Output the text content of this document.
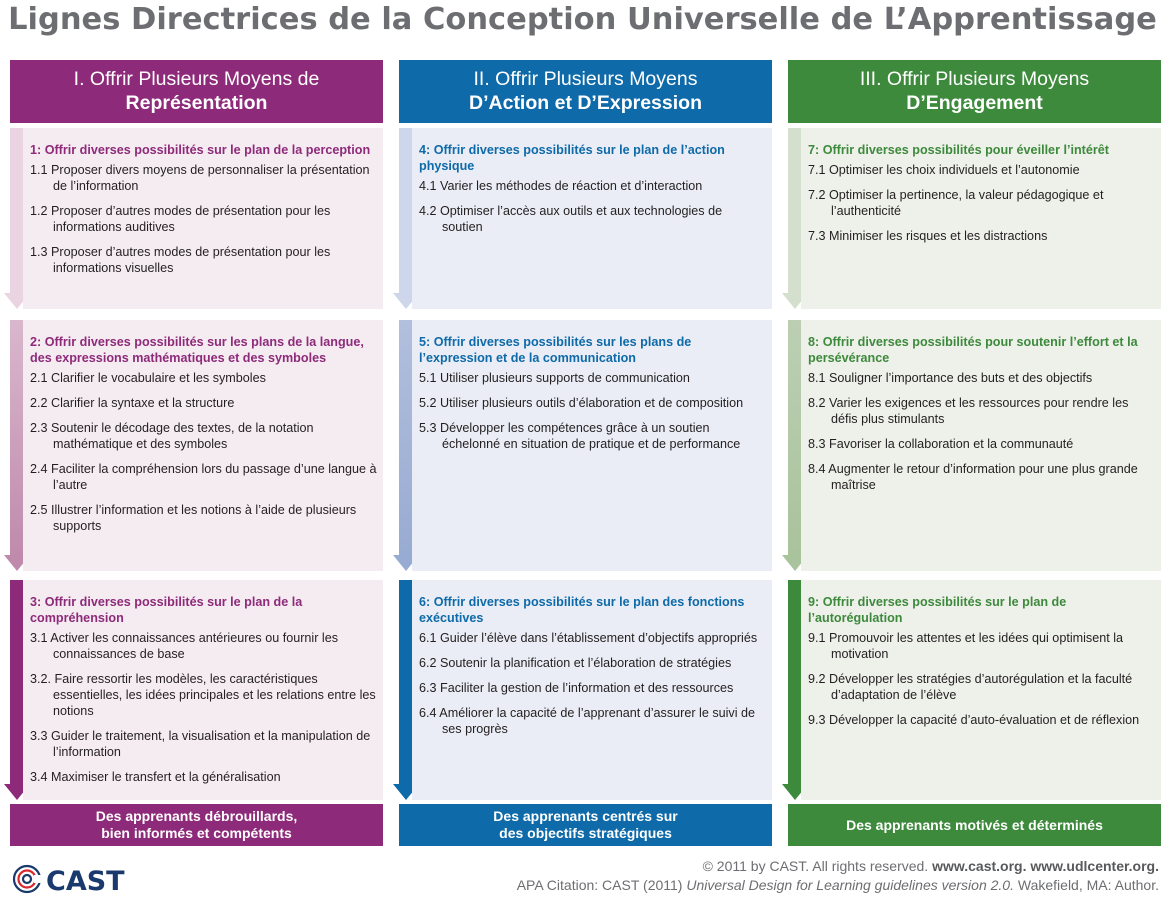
Lignes Directrices de la Conception Universelle de L’Apprentissage
I. Offrir Plusieurs Moyens de
Représentation
1: Offrir diverses possibilités sur le plan de la perception
1.1 Proposer divers moyens de personnaliser la présentation de l’information
1.2 Proposer d’autres modes de présentation pour les informations auditives
1.3 Proposer d’autres modes de présentation pour les informations visuelles
2: Offrir diverses possibilités sur les plans de la langue, des expressions mathématiques et des symboles
2.1 Clarifier le vocabulaire et les symboles
2.2 Clarifier la syntaxe et la structure
2.3 Soutenir le décodage des textes, de la notation mathématique et des symboles
2.4 Faciliter la compréhension lors du passage d’une langue à l’autre
2.5 Illustrer l’information et les notions à l’aide de plusieurs supports
3: Offrir diverses possibilités sur le plan de la compréhension
3.1 Activer les connaissances antérieures ou fournir les connaissances de base
3.2. Faire ressortir les modèles, les caractéristiques essentielles, les idées principales et les relations entre les notions
3.3 Guider le traitement, la visualisation et la manipulation de l’information
3.4 Maximiser le transfert et la généralisation
Des apprenants débrouillards,
bien informés et compétents
II. Offrir Plusieurs Moyens
D’Action et D’Expression
4: Offrir diverses possibilités sur le plan de l’action physique
4.1 Varier les méthodes de réaction et d’interaction
4.2 Optimiser l’accès aux outils et aux technologies de soutien
5: Offrir diverses possibilités sur les plans de l’expression et de la communication
5.1 Utiliser plusieurs supports de communication
5.2 Utiliser plusieurs outils d’élaboration et de composition
5.3 Développer les compétences grâce à un soutien échelonné en situation de pratique et de performance
6: Offrir diverses possibilités sur le plan des fonctions exécutives
6.1 Guider l’élève dans l’établissement d’objectifs appropriés
6.2 Soutenir la planification et l’élaboration de stratégies
6.3 Faciliter la gestion de l’information et des ressources
6.4 Améliorer la capacité de l’apprenant d’assurer le suivi de ses progrès
Des apprenants centrés sur
des objectifs stratégiques
III. Offrir Plusieurs Moyens
D’Engagement
7: Offrir diverses possibilités pour éveiller l’intérêt
7.1 Optimiser les choix individuels et l’autonomie
7.2 Optimiser la pertinence, la valeur pédagogique et l’authenticité
7.3 Minimiser les risques et les distractions
8: Offrir diverses possibilités pour soutenir l’effort et la persévérance
8.1 Souligner l’importance des buts et des objectifs
8.2 Varier les exigences et les ressources pour rendre les défis plus stimulants
8.3 Favoriser la collaboration et la communauté
8.4 Augmenter le retour d’information pour une plus grande maîtrise
9: Offrir diverses possibilités sur le plan de l’autorégulation
9.1 Promouvoir les attentes et les idées qui optimisent la motivation
9.2 Développer les stratégies d’autorégulation et la faculté d’adaptation de l’élève
9.3 Développer la capacité d’auto-évaluation et de réflexion
Des apprenants motivés et déterminés
CAST	© 2011 by CAST. All rights reserved. www.cast.org. www.udlcenter.org.
APA Citation: CAST (2011) Universal Design for Learning guidelines version 2.0. Wakefield, MA: Author.
